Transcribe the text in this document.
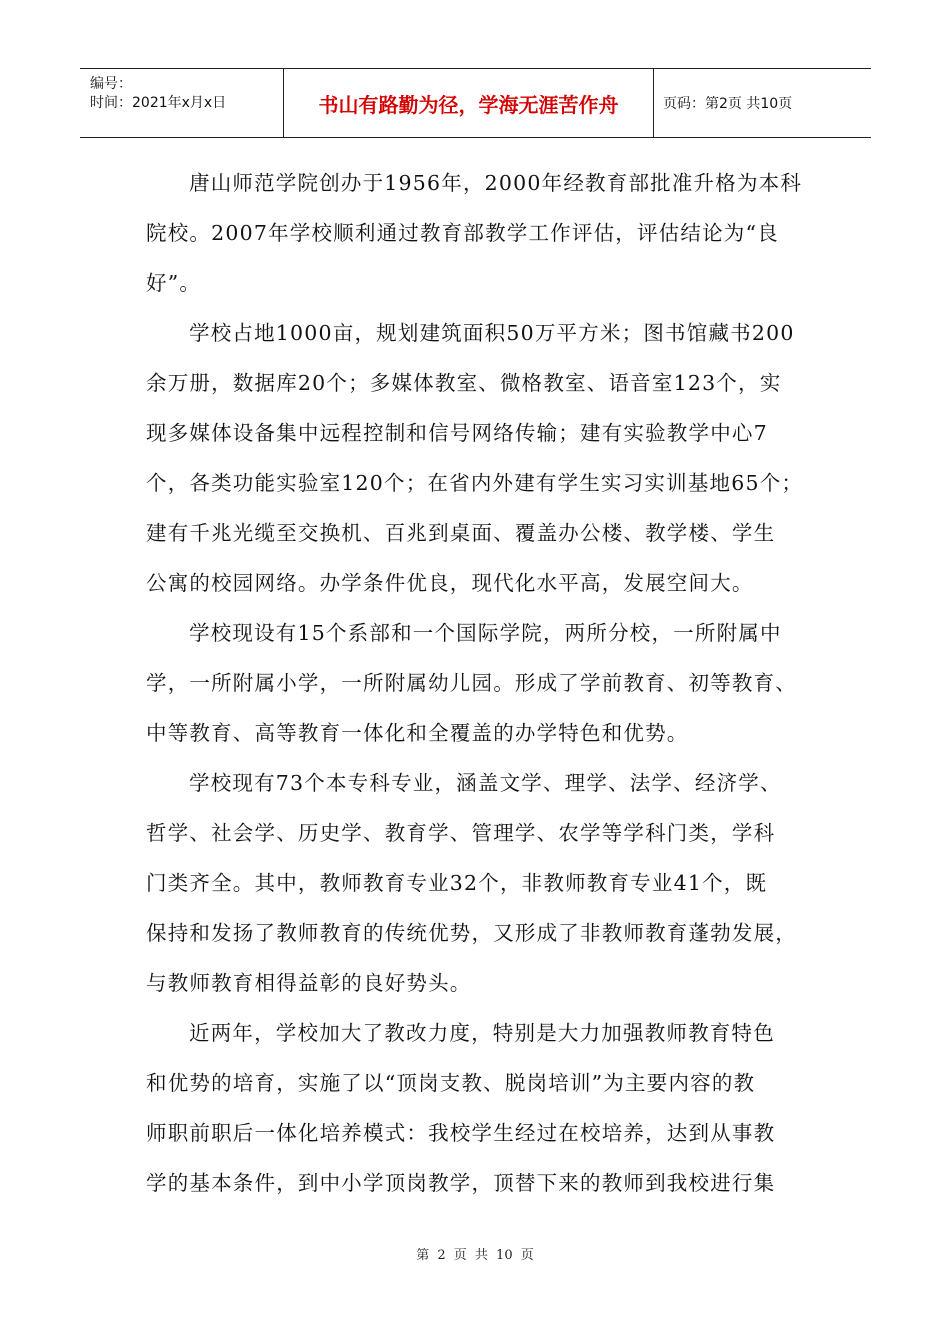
编号：
时间：2021年x月x日	书山有路勤为径，学海无涯苦作舟	页码：第2页 共10页
唐山师范学院创办于1956年，2000年经教育部批准升格为本科
院校。2007年学校顺利通过教育部教学工作评估，评估结论为“良
好”。
学校占地1000亩，规划建筑面积50万平方米；图书馆藏书200
余万册，数据库20个；多媒体教室、微格教室、语音室123个，实
现多媒体设备集中远程控制和信号网络传输；建有实验教学中心7
个，各类功能实验室120个；在省内外建有学生实习实训基地65个；
建有千兆光缆至交换机、百兆到桌面、覆盖办公楼、教学楼、学生
公寓的校园网络。办学条件优良，现代化水平高，发展空间大。
学校现设有15个系部和一个国际学院，两所分校，一所附属中
学，一所附属小学，一所附属幼儿园。形成了学前教育、初等教育、
中等教育、高等教育一体化和全覆盖的办学特色和优势。
学校现有73个本专科专业，涵盖文学、理学、法学、经济学、
哲学、社会学、历史学、教育学、管理学、农学等学科门类，学科
门类齐全。其中，教师教育专业32个，非教师教育专业41个，既
保持和发扬了教师教育的传统优势，又形成了非教师教育蓬勃发展，
与教师教育相得益彰的良好势头。
近两年，学校加大了教改力度，特别是大力加强教师教育特色
和优势的培育，实施了以“顶岗支教、脱岗培训”为主要内容的教
师职前职后一体化培养模式：我校学生经过在校培养，达到从事教
学的基本条件，到中小学顶岗教学，顶替下来的教师到我校进行集
第 2 页 共 10 页
